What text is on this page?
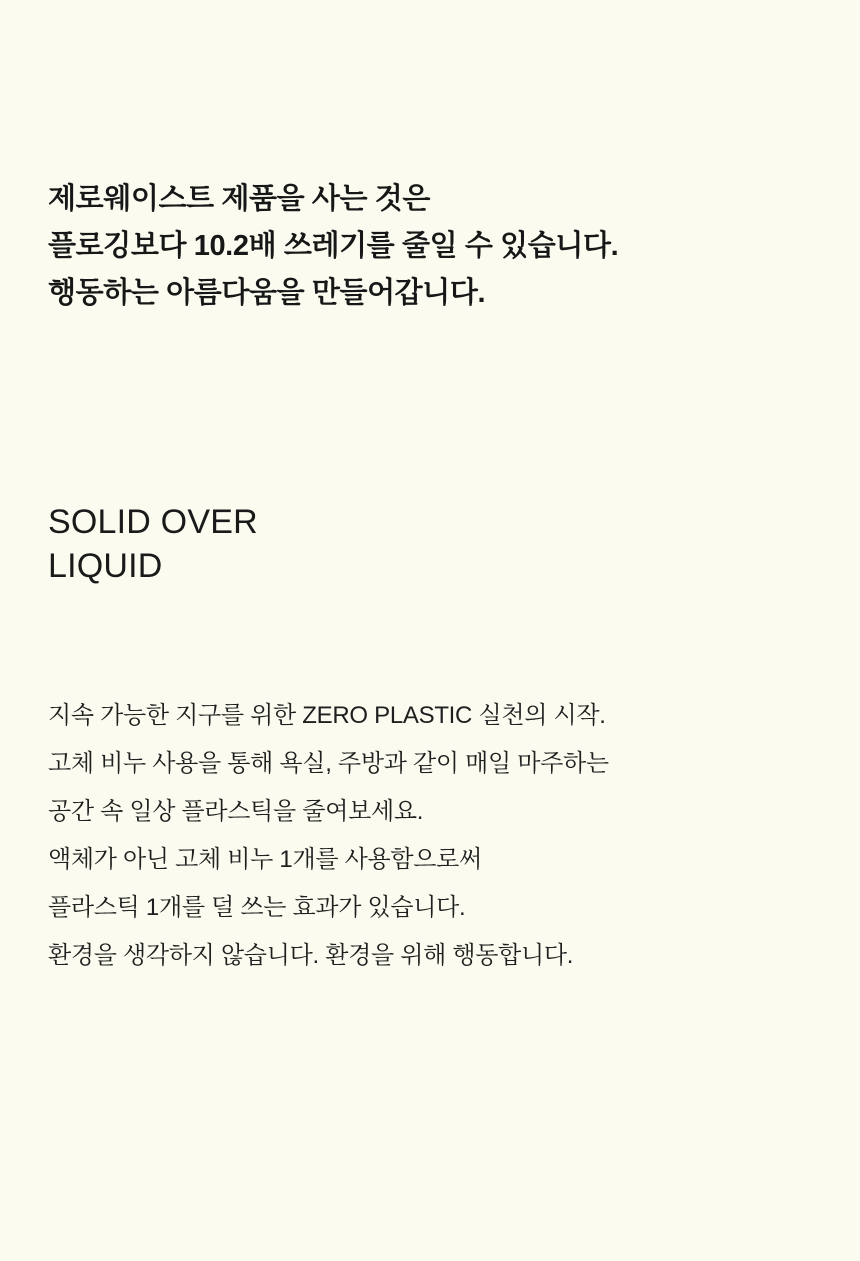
제로웨이스트 제품을 사는 것은
플로깅보다 10.2배 쓰레기를 줄일 수 있습니다.
행동하는 아름다움을 만들어갑니다.
SOLID OVER
LIQUID
지속 가능한 지구를 위한 ZERO PLASTIC 실천의 시작.
고체 비누 사용을 통해 욕실, 주방과 같이 매일 마주하는
공간 속 일상 플라스틱을 줄여보세요.
액체가 아닌 고체 비누 1개를 사용함으로써
플라스틱 1개를 덜 쓰는 효과가 있습니다.
환경을 생각하지 않습니다. 환경을 위해 행동합니다.
